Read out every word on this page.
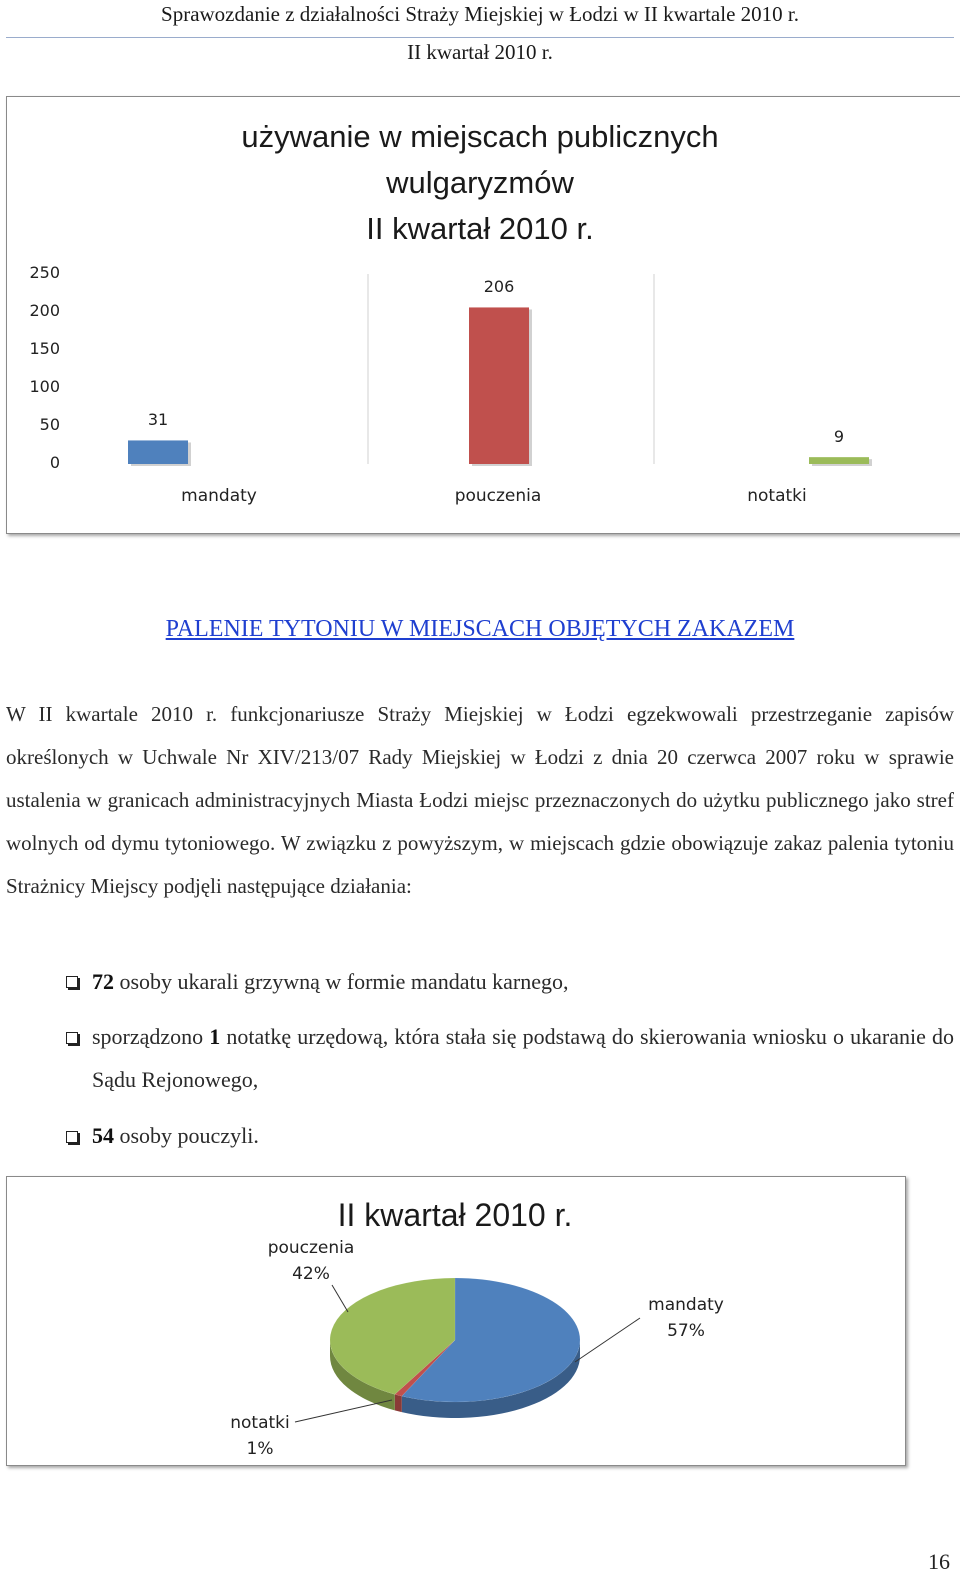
Sprawozdanie z działalności Straży Miejskiej w Łodzi w II kwartale 2010 r.
II kwartał 2010 r.
używanie w miejscach publicznych
wulgaryzmów
II kwartał 2010 r.
0
50
100
150
200
250
mandaty	pouczenia	notatki
31
206
9
PALENIE TYTONIU W MIEJSCACH OBJĘTYCH ZAKAZEM

W II kwartale 2010 r. funkcjonariusze Straży Miejskiej w Łodzi egzekwowali przestrzeganie zapisów określonych w Uchwale Nr XIV/213/07 Rady Miejskiej w Łodzi z dnia 20 czerwca 2007 roku w sprawie ustalenia w granicach administracyjnych Miasta Łodzi miejsc przeznaczonych do użytku publicznego jako stref wolnych od dymu tytoniowego. W związku z powyższym, w miejscach gdzie obowiązuje zakaz palenia tytoniu Strażnicy Miejscy podjęli następujące działania:

72 osoby ukarali grzywną w formie mandatu karnego,

sporządzono 1 notatkę urzędową, która stała się podstawą do skierowania wniosku o ukaranie do Sądu Rejonowego,

54 osoby pouczyli.

II kwartał 2010 r.
mandaty
57%
notatki
1%
pouczenia
42%
16
